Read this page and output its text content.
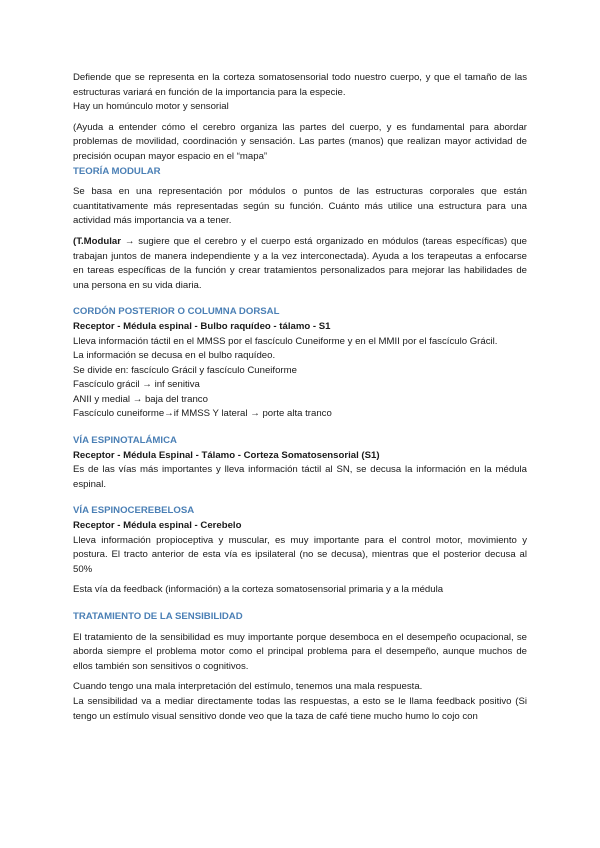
Defiende que se representa en la corteza somatosensorial todo nuestro cuerpo, y que el tamaño de las estructuras variará en función de la importancia para la especie.

Hay un homúnculo motor y sensorial

(Ayuda a entender cómo el cerebro organiza las partes del cuerpo, y es fundamental para abordar problemas de movilidad, coordinación y sensación. Las partes (manos) que realizan mayor actividad de precisión ocupan mayor espacio en el “mapa”

TEORÍA MODULAR

Se basa en una representación por módulos o puntos de las estructuras corporales que están cuantitativamente más representadas según su función. Cuánto más utilice una estructura para una actividad más importancia va a tener.

(T.Modular → sugiere que el cerebro y el cuerpo está organizado en módulos (tareas específicas) que trabajan juntos de manera independiente y a la vez interconectada). Ayuda a los terapeutas a enfocarse en tareas específicas de la función y crear tratamientos personalizados para mejorar las habilidades de una persona en su vida diaria.

CORDÓN POSTERIOR O COLUMNA DORSAL

Receptor - Médula espinal - Bulbo raquídeo - tálamo - S1

Lleva información táctil en el MMSS por el fascículo Cuneiforme y en el MMII por el fascículo Grácil.

La información se decusa en el bulbo raquídeo.

Se divide en: fascículo Grácil y fascículo Cuneiforme

Fascículo grácil → inf senitiva

ANII y medial → baja del tranco

Fascículo cuneiforme→if MMSS Y lateral → porte alta tranco

VÍA ESPINOTALÁMICA

Receptor - Médula Espinal - Tálamo - Corteza Somatosensorial (S1)

Es de las vías más importantes y lleva información táctil al SN, se decusa la información en la médula espinal.

VÍA ESPINOCEREBELOSA

Receptor - Médula espinal - Cerebelo

Lleva información propioceptiva y muscular, es muy importante para el control motor, movimiento y postura. El tracto anterior de esta vía es ipsilateral (no se decusa), mientras que el posterior decusa al 50%

Esta vía da feedback (información) a la corteza somatosensorial primaria y a la médula

TRATAMIENTO DE LA SENSIBILIDAD

El tratamiento de la sensibilidad es muy importante porque desemboca en el desempeño ocupacional, se aborda siempre el problema motor como el principal problema para el desempeño, aunque muchos de ellos también son sensitivos o cognitivos.

Cuando tengo una mala interpretación del estímulo, tenemos una mala respuesta.

La sensibilidad va a mediar directamente todas las respuestas, a esto se le llama feedback positivo (Si tengo un estímulo visual sensitivo donde veo que la taza de café tiene mucho humo lo cojo con
